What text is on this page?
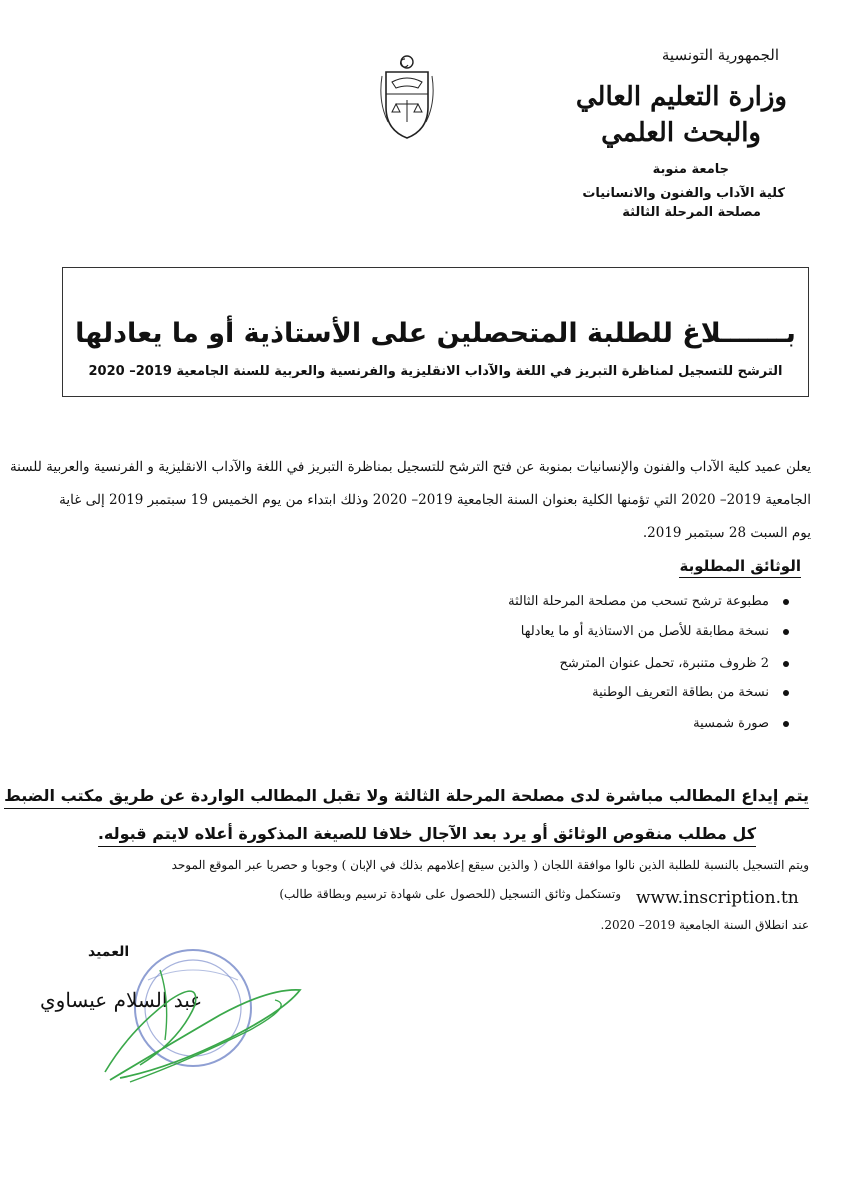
الجمهورية التونسية
وزارة التعليم العالي
والبحث العلمي
جامعة منوبة
كلية الآداب والفنون والانسانيات
مصلحة المرحلة الثالثة
بـــــــلاغ للطلبة المتحصلين على الأستاذية أو ما يعادلها
الترشح للتسجيل لمناظرة التبريز في اللغة والآداب الانقليزية والفرنسية والعربية للسنة الجامعية 2019– 2020
يعلن عميد كلية الآداب والفنون والإنسانيات بمنوبة عن فتح الترشح للتسجيل بمناظرة التبريز في اللغة والآداب الانقليزية و الفرنسية والعربية للسنة
الجامعية 2019– 2020 التي تؤمنها الكلية بعنوان السنة الجامعية 2019– 2020 وذلك ابتداء من يوم الخميس 19 سبتمبر 2019 إلى غاية
يوم السبت 28 سبتمبر 2019.
الوثائق المطلوبة
مطبوعة ترشح تسحب من مصلحة المرحلة الثالثة
نسخة مطابقة للأصل من الاستاذية أو ما يعادلها
2 ظروف متنبرة، تحمل عنوان المترشح
نسخة من بطاقة التعريف الوطنية
صورة شمسية
يتم إيداع المطالب مباشرة لدى مصلحة المرحلة الثالثة ولا تقبل المطالب الواردة عن طريق مكتب الضبط
كل مطلب منقوص الوثائق أو يرد بعد الآجال خلافا للصيغة المذكورة أعلاه لايتم قبوله.
ويتم التسجيل بالنسبة للطلبة الذين نالوا موافقة اللجان ( والذين سيقع إعلامهم بذلك في الإبان ) وجوبا و حصريا عبر الموقع الموحد
www.inscription.tn
وتستكمل وثائق التسجيل (للحصول على شهادة ترسيم وبطاقة طالب)
عند انطلاق السنة الجامعية 2019– 2020.
العميد
عبد السلام عيساوي
